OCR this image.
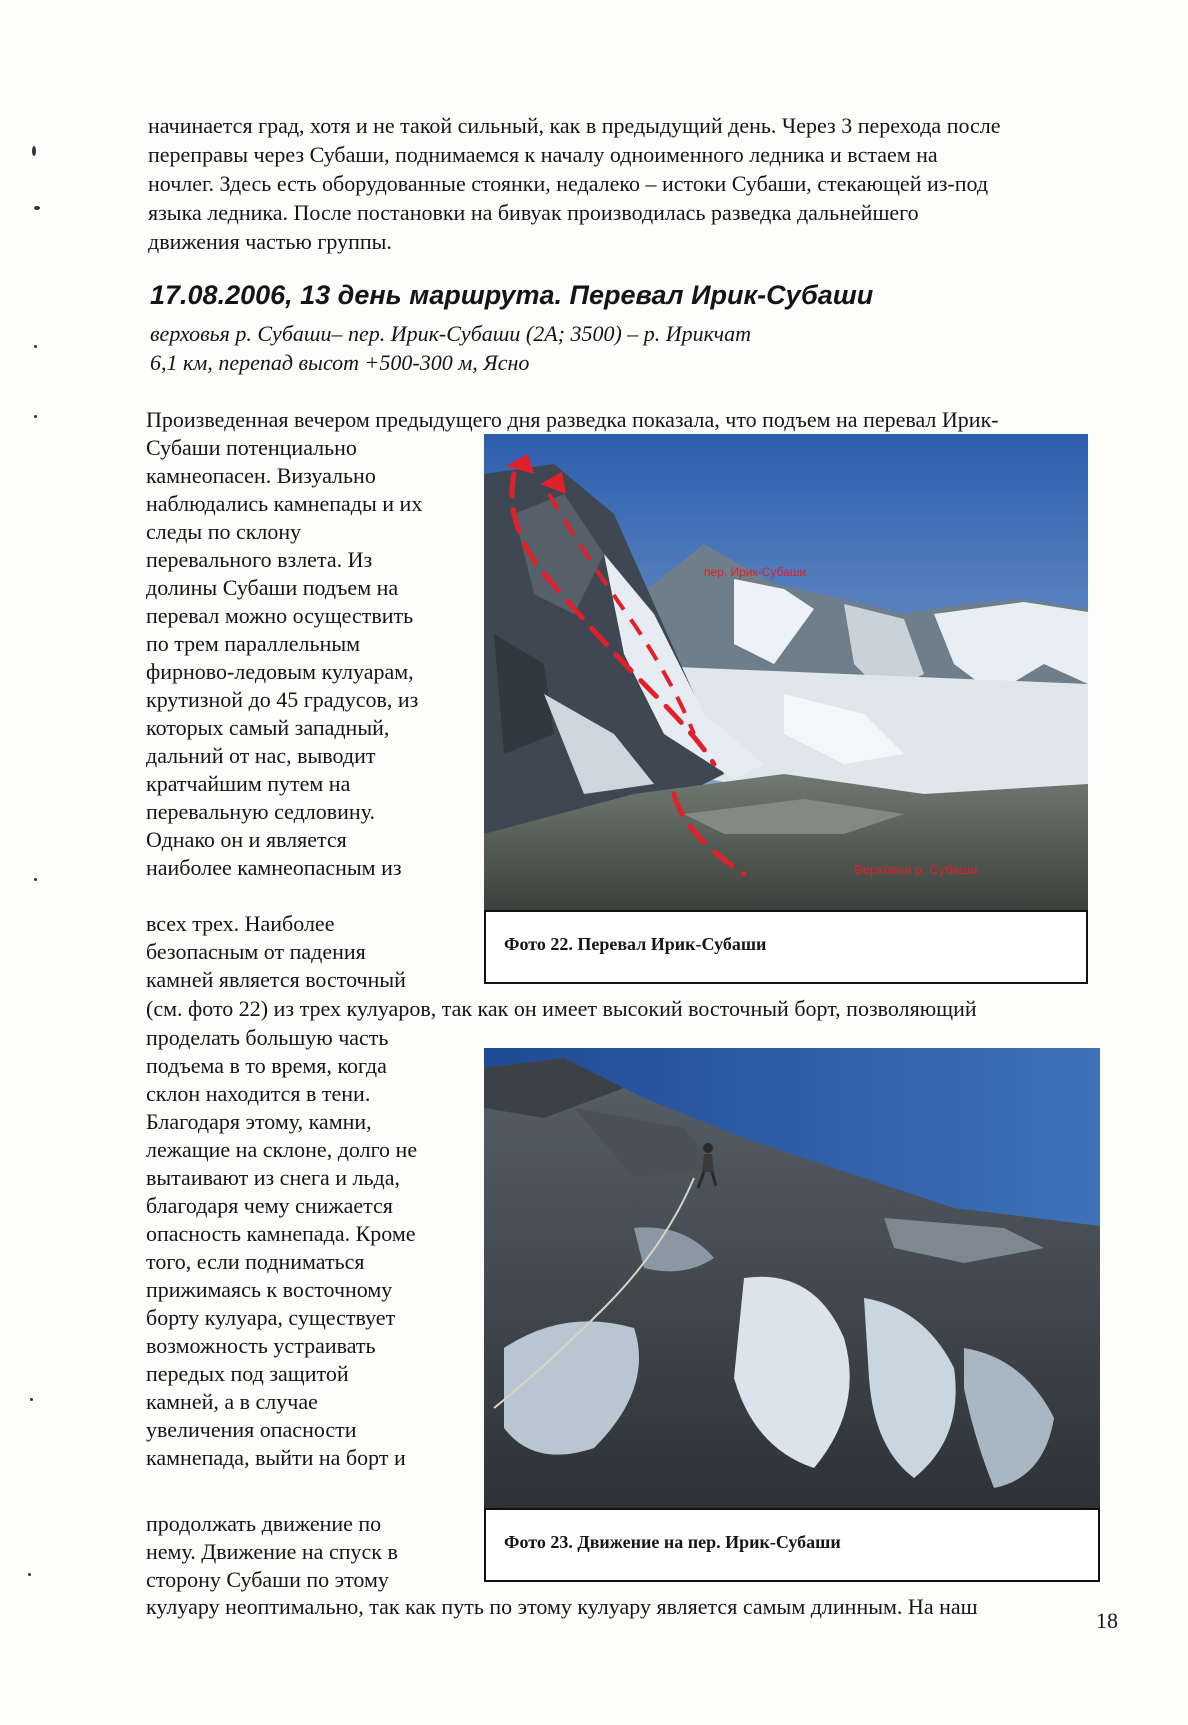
начинается град, хотя и не такой сильный, как в предыдущий день. Через 3 перехода после
переправы через Субаши, поднимаемся к началу одноименного ледника и встаем на
ночлег. Здесь есть оборудованные стоянки, недалеко – истоки Субаши, стекающей из-под
языка ледника. После постановки на бивуак производилась разведка дальнейшего
движения частью группы.
17.08.2006, 13 день маршрута. Перевал Ирик-Субаши
верховья р. Субаши– пер. Ирик-Субаши (2А; 3500) – р. Ирикчат
6,1 км, перепад высот +500-300 м, Ясно
Произведенная вечером предыдущего дня разведка показала, что подъем на перевал Ирик-
Субаши потенциально
камнеопасен. Визуально
наблюдались камнепады и их
следы по склону
перевального взлета. Из
долины Субаши подъем на
перевал можно осуществить
по трем параллельным
фирново-ледовым кулуарам,
крутизной до 45 градусов, из
которых самый западный,
дальний от нас, выводит
кратчайшим путем на
перевальную седловину.
Однако он и является
наиболее камнеопасным из
всех трех. Наиболее
безопасным от падения
камней является восточный
(см. фото 22) из трех кулуаров, так как он имеет высокий восточный борт, позволяющий
проделать большую часть
подъема в то время, когда
склон находится в тени.
Благодаря этому, камни,
лежащие на склоне, долго не
вытаивают из снега и льда,
благодаря чему снижается
опасность камнепада. Кроме
того, если подниматься
прижимаясь к восточному
борту кулуара, существует
возможность устраивать
передых под защитой
камней, а в случае
увеличения опасности
камнепада, выйти на борт и
продолжать движение по
нему. Движение на спуск в
сторону Субаши по этому
кулуару неоптимально, так как путь по этому кулуару является самым длинным. На наш
пер. Ирик-Субаши
Верховья р. Субаши
Фото 22. Перевал Ирик-Субаши
Фото 23. Движение на пер. Ирик-Субаши
18
